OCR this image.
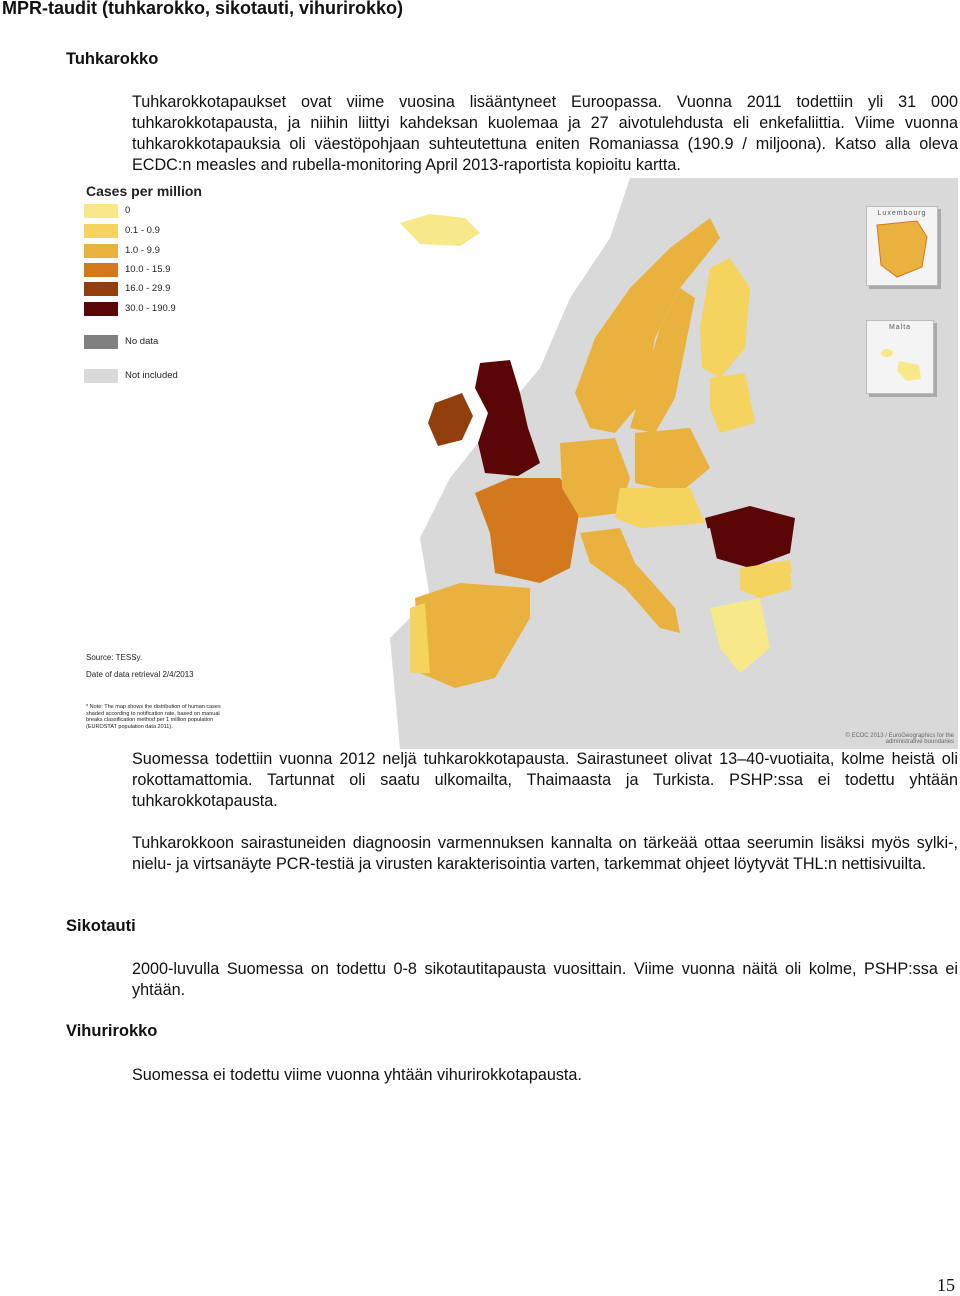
MPR-taudit (tuhkarokko, sikotauti, vihurirokko)
Tuhkarokko

Tuhkarokkotapaukset ovat viime vuosina lisääntyneet Euroopassa. Vuonna 2011 todettiin yli 31 000 tuhkarokkotapausta, ja niihin liittyi kahdeksan kuolemaa ja 27 aivotulehdusta eli enkefaliittia. Viime vuonna tuhkarokkotapauksia oli väestöpohjaan suhteutettuna eniten Romaniassa (190.9 / miljoona). Katso alla oleva ECDC:n measles and rubella-monitoring April 2013-raportista kopioitu kartta.

Cases per million
0
0.1 - 0.9
1.0 - 9.9
10.0 - 15.9
16.0 - 29.9
30.0 - 190.9
No data
Not included
Luxembourg
Malta
Source: TESSy.
Date of data retrieval 2/4/2013
* Note: The map shows the distribution of human cases shaded according to notification rate, based on manual breaks classification method per 1 million population (EUROSTAT population data 2011).
© ECDC 2013 / EuroGeographics for the administrative boundaries

Suomessa todettiin vuonna 2012 neljä tuhkarokkotapausta. Sairastuneet olivat 13–40-vuotiaita, kolme heistä oli rokottamattomia. Tartunnat oli saatu ulkomailta, Thaimaasta ja Turkista. PSHP:ssa ei todettu yhtään tuhkarokkotapausta.

Tuhkarokkoon sairastuneiden diagnoosin varmennuksen kannalta on tärkeää ottaa seerumin lisäksi myös sylki-, nielu- ja virtsanäyte PCR-testiä ja virusten karakterisointia varten, tarkemmat ohjeet löytyvät THL:n nettisivuilta.

Sikotauti

2000-luvulla Suomessa on todettu 0-8 sikotautitapausta vuosittain. Viime vuonna näitä oli kolme, PSHP:ssa ei yhtään.

Vihurirokko

Suomessa ei todettu viime vuonna yhtään vihurirokkotapausta.

15
